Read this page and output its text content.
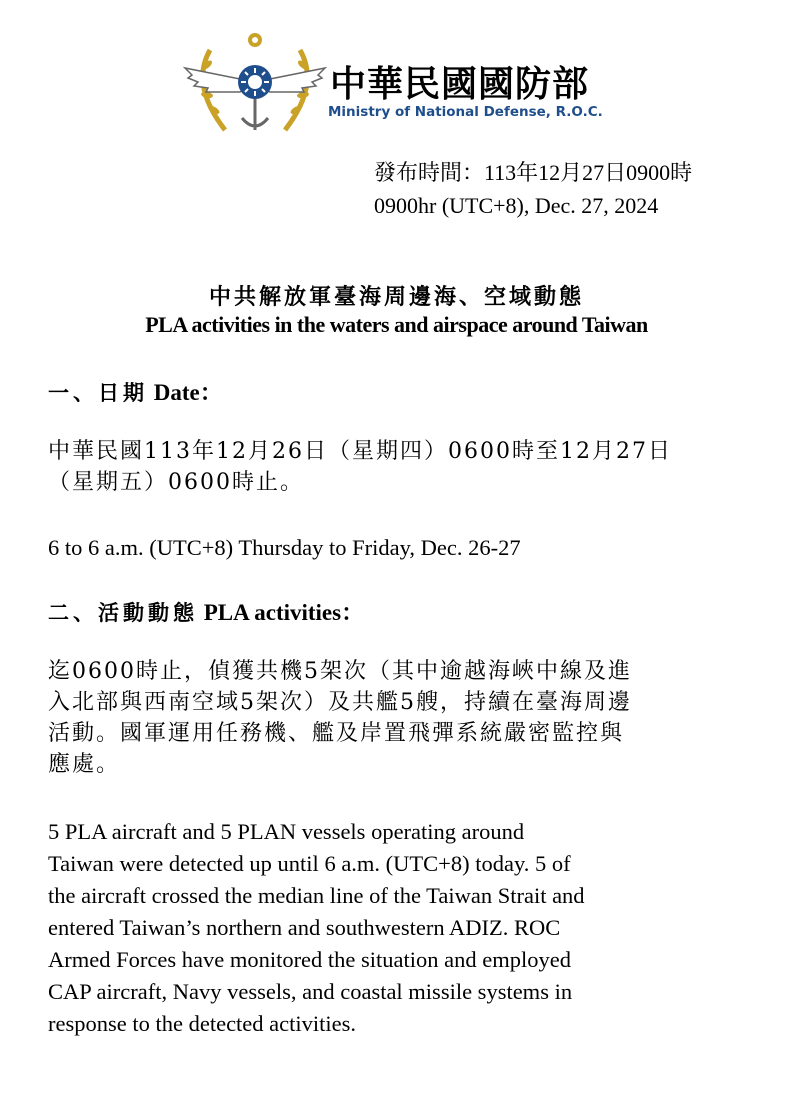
中華民國國防部
Ministry of National Defense, R.O.C.
發布時間：113年12月27日0900時
0900hr (UTC+8), Dec. 27, 2024
中共解放軍臺海周邊海、空域動態
PLA activities in the waters and airspace around Taiwan
一、日期 Date：
中華民國113年12月26日（星期四）0600時至12月27日
（星期五）0600時止。
6 to 6 a.m. (UTC+8) Thursday to Friday, Dec. 26-27
二、活動動態 PLA activities：
迄0600時止，偵獲共機5架次（其中逾越海峽中線及進
入北部與西南空域5架次）及共艦5艘，持續在臺海周邊
活動。國軍運用任務機、艦及岸置飛彈系統嚴密監控與
應處。
5 PLA aircraft and 5 PLAN vessels operating around
Taiwan were detected up until 6 a.m. (UTC+8) today. 5 of
the aircraft crossed the median line of the Taiwan Strait and
entered Taiwan’s northern and southwestern ADIZ. ROC
Armed Forces have monitored the situation and employed
CAP aircraft, Navy vessels, and coastal missile systems in
response to the detected activities.
